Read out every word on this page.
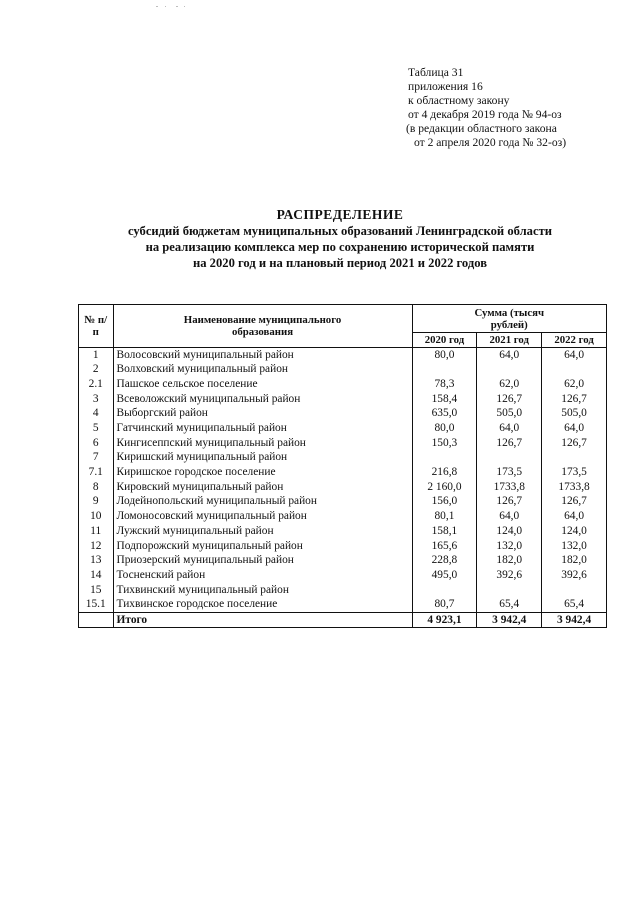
Таблица 31
приложения 16
к областному закону
от 4 декабря 2019 года № 94-оз
(в редакции областного закона
от 2 апреля 2020 года № 32-оз)
РАСПРЕДЕЛЕНИЕ
субсидий бюджетам муниципальных образований Ленинградской области
на реализацию комплекса мер по сохранению исторической памяти
на 2020 год и на плановый период 2021 и 2022 годов
№ п/п	Наименование муниципального образования	Сумма (тысяч рублей)		
		2020 год	2021 год	2022 год
1	Волосовский муниципальный район	80,0	64,0	64,0
2	Волховский муниципальный район			
2.1	Пашское сельское поселение	78,3	62,0	62,0
3	Всеволожский муниципальный район	158,4	126,7	126,7
4	Выборгский район	635,0	505,0	505,0
5	Гатчинский муниципальный район	80,0	64,0	64,0
6	Кингисеппский муниципальный район	150,3	126,7	126,7
7	Киришский муниципальный район			
7.1	Киришское городское поселение	216,8	173,5	173,5
8	Кировский муниципальный район	2 160,0	1733,8	1733,8
9	Лодейнопольский муниципальный район	156,0	126,7	126,7
10	Ломоносовский муниципальный район	80,1	64,0	64,0
11	Лужский муниципальный район	158,1	124,0	124,0
12	Подпорожский муниципальный район	165,6	132,0	132,0
13	Приозерский муниципальный район	228,8	182,0	182,0
14	Тосненский район	495,0	392,6	392,6
15	Тихвинский муниципальный район			
15.1	Тихвинское городское поселение	80,7	65,4	65,4
	Итого	4 923,1	3 942,4	3 942,4
